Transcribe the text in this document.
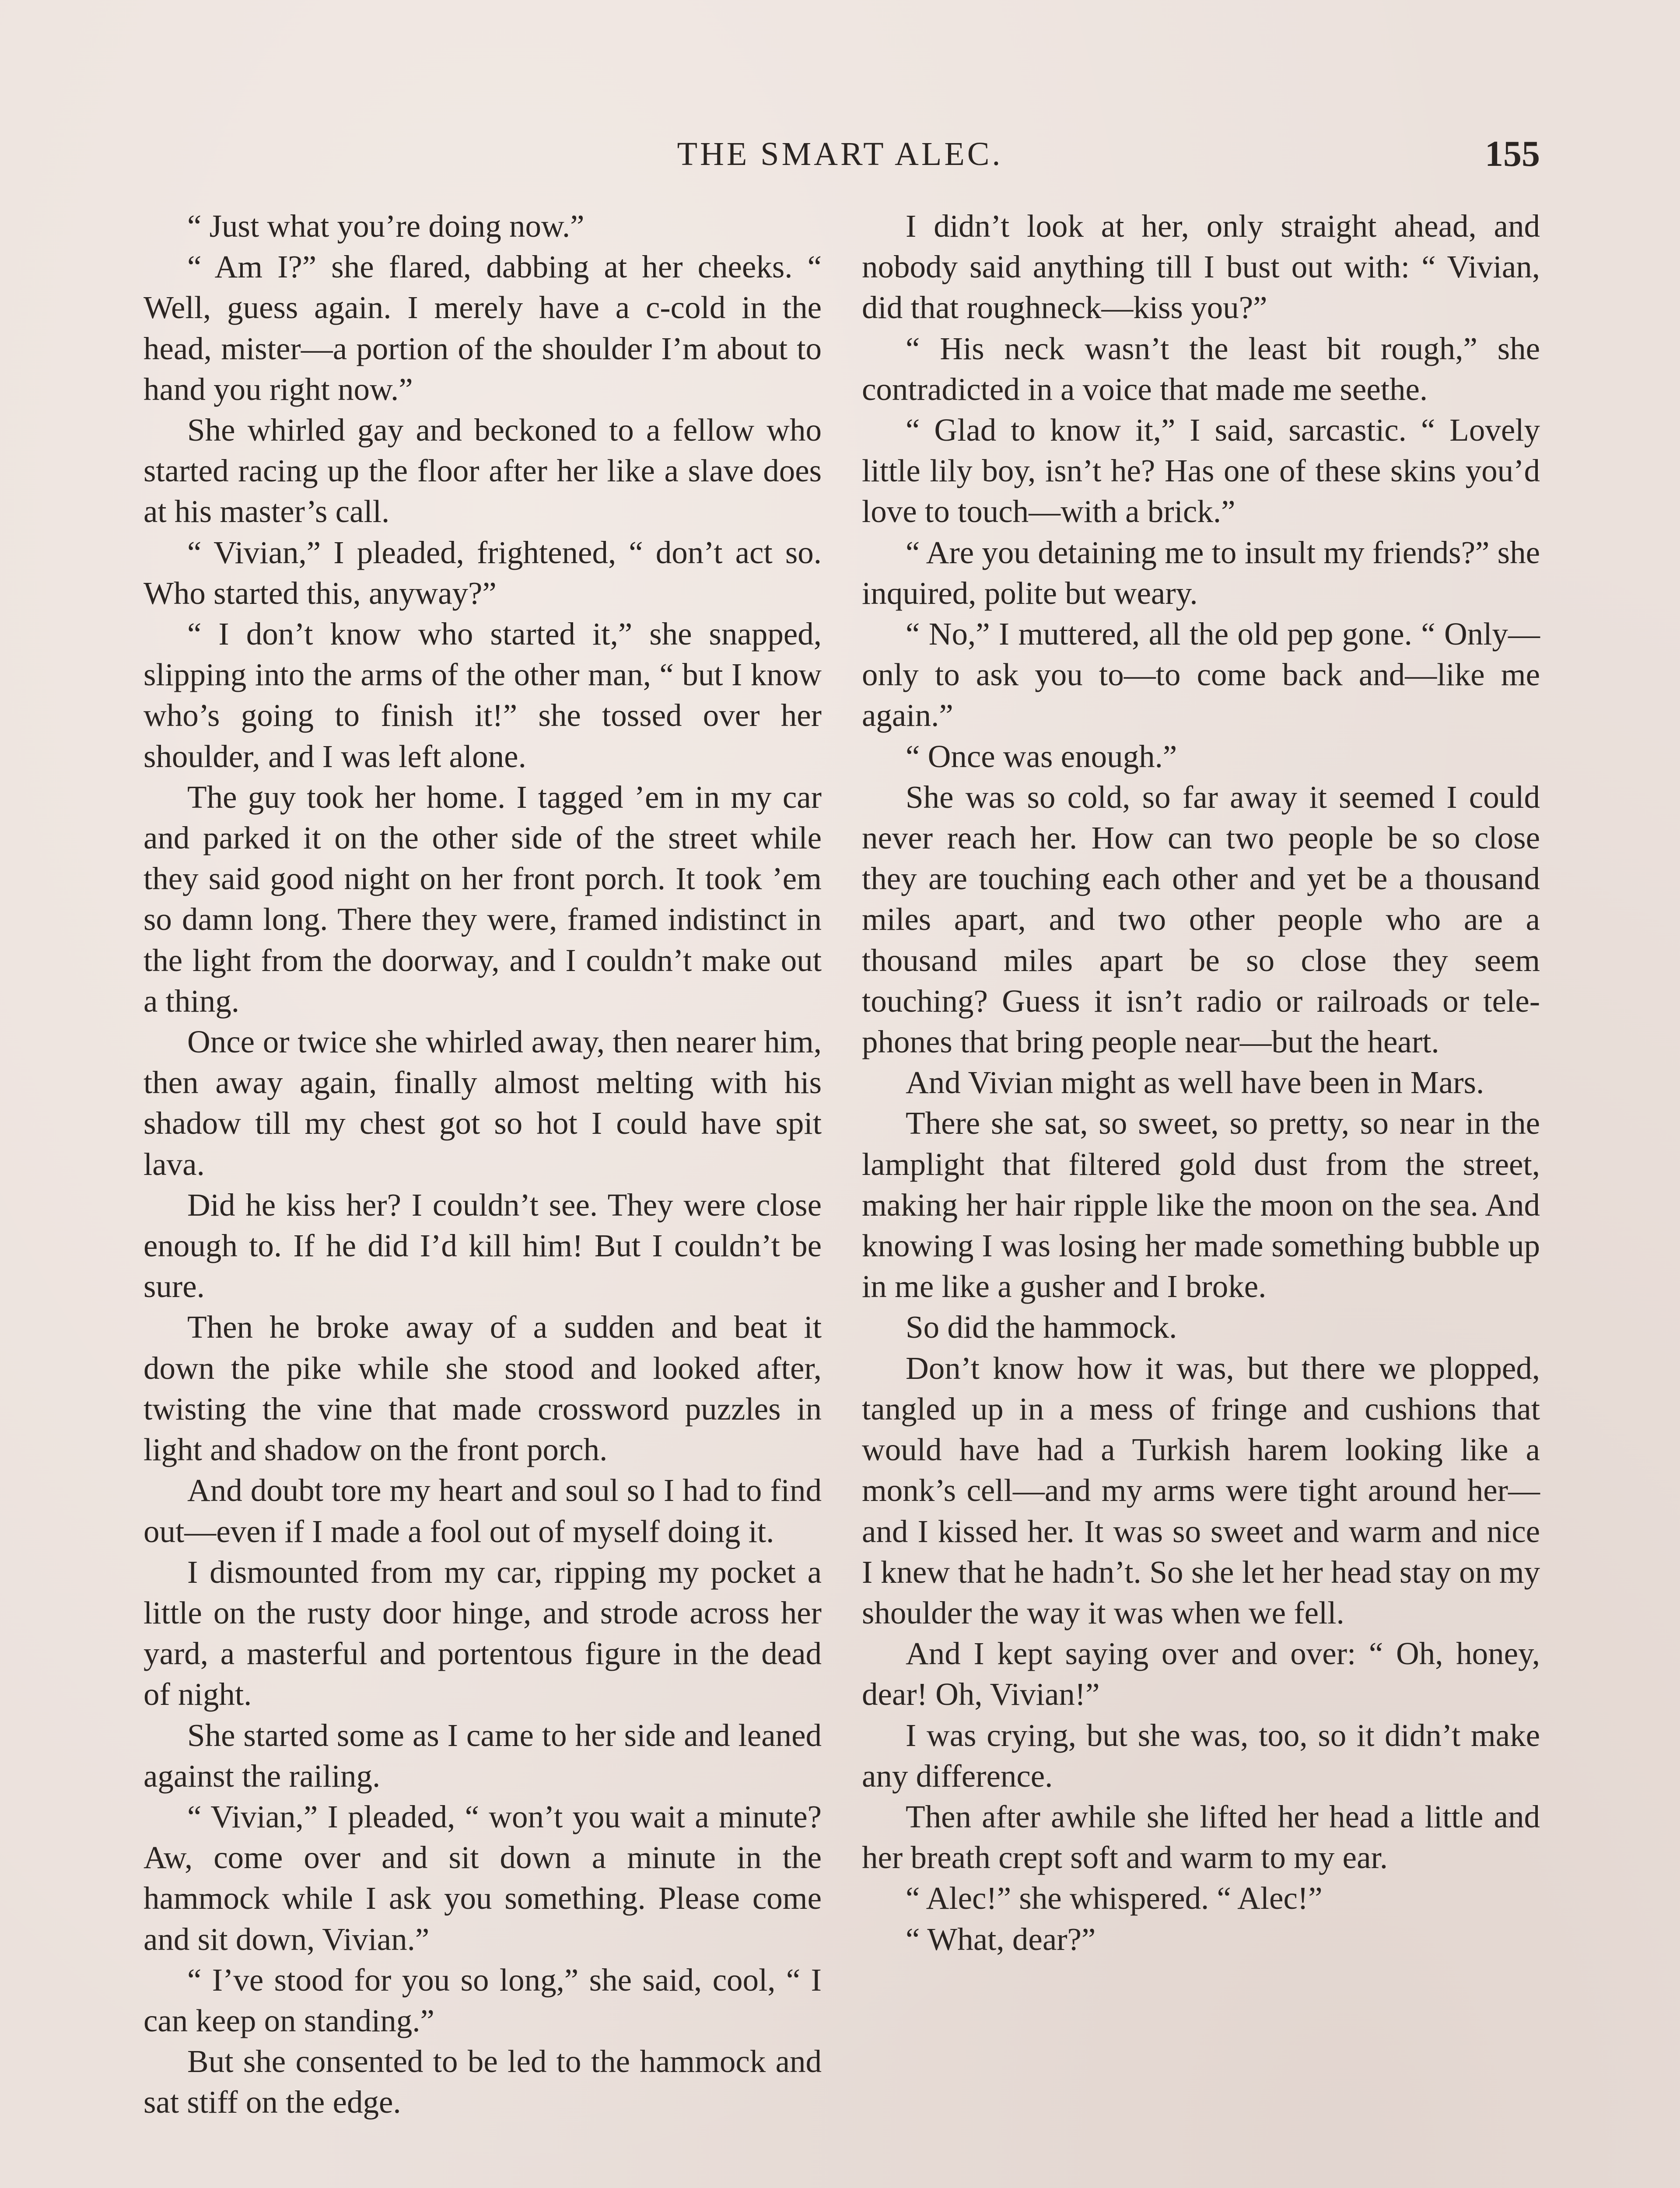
THE SMART ALEC.	155

“ Just what you’re doing now.”

“ Am I?” she flared, dabbing at her cheeks. “ Well, guess again. I merely have a c-cold in the head, mister—a portion of the shoulder I’m about to hand you right now.”

She whirled gay and beckoned to a fellow who started racing up the floor after her like a slave does at his master’s call.

“ Vivian,” I pleaded, frightened, “ don’t act so. Who started this, anyway?”

“ I don’t know who started it,” she snapped, slipping into the arms of the other man, “ but I know who’s going to finish it!” she tossed over her shoulder, and I was left alone.

The guy took her home. I tagged ’em in my car and parked it on the other side of the street while they said good night on her front porch. It took ’em so damn long. There they were, framed indistinct in the light from the doorway, and I couldn’t make out a thing.

Once or twice she whirled away, then nearer him, then away again, finally almost melting with his shadow till my chest got so hot I could have spit lava.

Did he kiss her? I couldn’t see. They were close enough to. If he did I’d kill him! But I couldn’t be sure.

Then he broke away of a sudden and beat it down the pike while she stood and looked after, twisting the vine that made crossword puzzles in light and shadow on the front porch.

And doubt tore my heart and soul so I had to find out—even if I made a fool out of myself doing it.

I dismounted from my car, ripping my pocket a little on the rusty door hinge, and strode across her yard, a masterful and portentous figure in the dead of night.

She started some as I came to her side and leaned against the railing.

“ Vivian,” I pleaded, “ won’t you wait a minute? Aw, come over and sit down a minute in the hammock while I ask you something. Please come and sit down, Vivian.”

“ I’ve stood for you so long,” she said, cool, “ I can keep on standing.”

But she consented to be led to the hammock and sat stiff on the edge.

I didn’t look at her, only straight ahead, and nobody said anything till I bust out with: “ Vivian, did that roughneck—kiss you?”

“ His neck wasn’t the least bit rough,” she contradicted in a voice that made me seethe.

“ Glad to know it,” I said, sarcastic. “ Lovely little lily boy, isn’t he? Has one of these skins you’d love to touch—with a brick.”

“ Are you detaining me to insult my friends?” she inquired, polite but weary.

“ No,” I muttered, all the old pep gone. “ Only—only to ask you to—to come back and—like me again.”

“ Once was enough.”

She was so cold, so far away it seemed I could never reach her. How can two people be so close they are touching each other and yet be a thousand miles apart, and two other people who are a thousand miles apart be so close they seem touching? Guess it isn’t radio or railroads or telephones that bring people near—but the heart.

And Vivian might as well have been in Mars.

There she sat, so sweet, so pretty, so near in the lamplight that filtered gold dust from the street, making her hair ripple like the moon on the sea. And knowing I was losing her made something bubble up in me like a gusher and I broke.

So did the hammock.

Don’t know how it was, but there we plopped, tangled up in a mess of fringe and cushions that would have had a Turkish harem looking like a monk’s cell—and my arms were tight around her—and I kissed her. It was so sweet and warm and nice I knew that he hadn’t. So she let her head stay on my shoulder the way it was when we fell.

And I kept saying over and over: “ Oh, honey, dear! Oh, Vivian!”

I was crying, but she was, too, so it didn’t make any difference.

Then after awhile she lifted her head a little and her breath crept soft and warm to my ear.

“ Alec!” she whispered. “ Alec!”

“ What, dear?”
